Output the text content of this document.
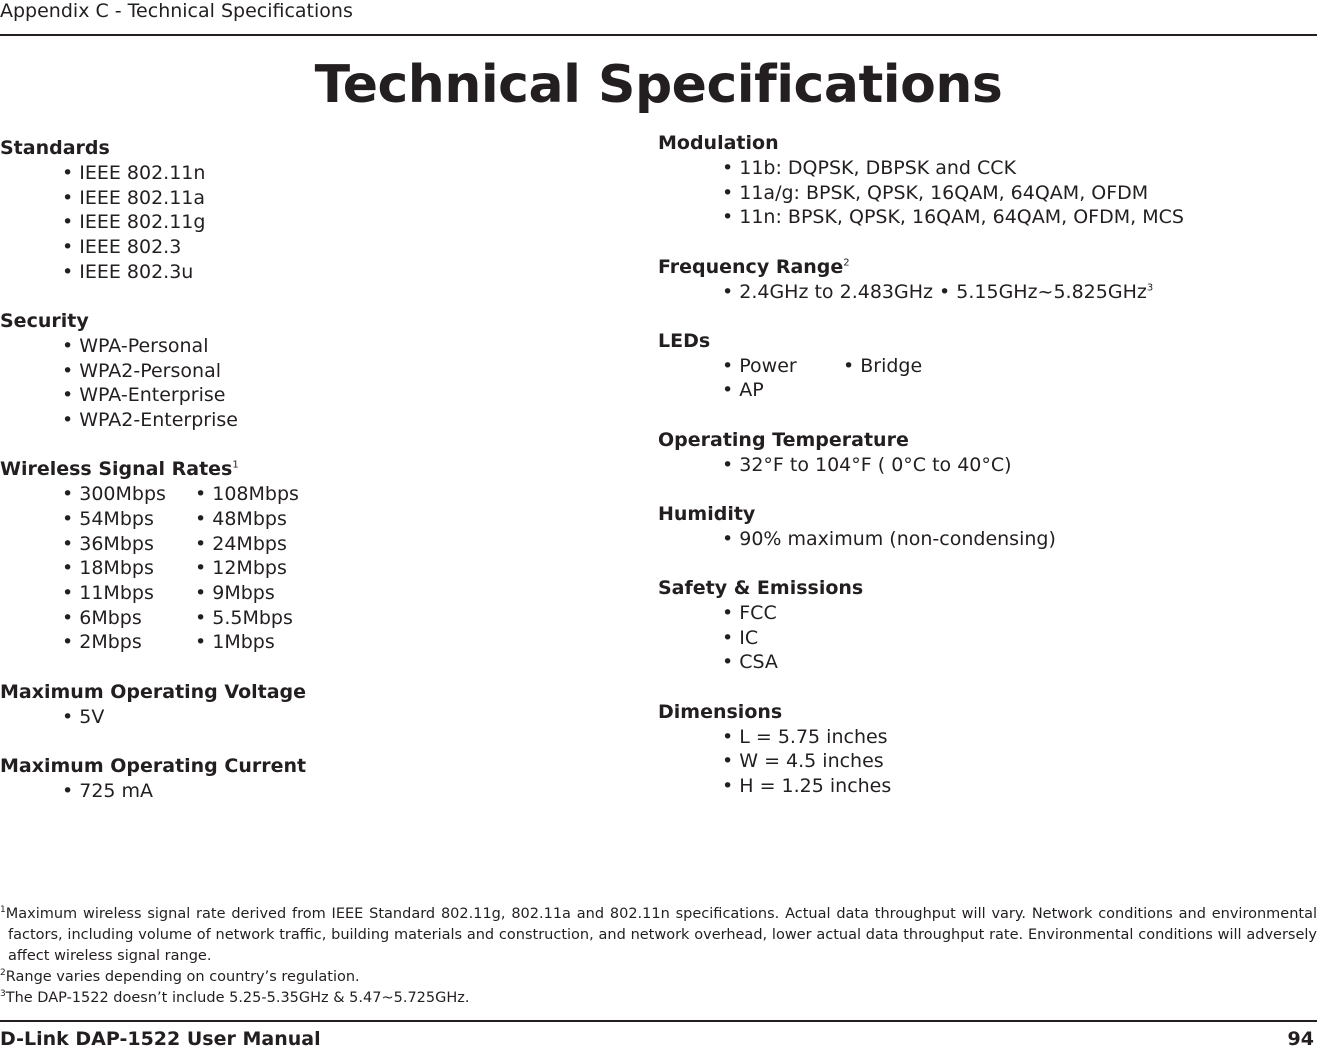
Appendix C - Technical Specifications
Technical Specifications
Standards
• IEEE 802.11n
• IEEE 802.11a
• IEEE 802.11g
• IEEE 802.3
• IEEE 802.3u
Security
• WPA-Personal
• WPA2-Personal
• WPA-Enterprise
• WPA2-Enterprise
Wireless Signal Rates$^1$
• 300Mbps • 108Mbps
• 54Mbps • 48Mbps
• 36Mbps • 24Mbps
• 18Mbps • 12Mbps
• 11Mbps • 9Mbps
• 6Mbps	• 5.5Mbps
• 2Mbps	• 1Mbps
Maximum Operating Voltage
• 5V
Maximum Operating Current
• 725 mA
Modulation
• 11b: DQPSK, DBPSK and CCK
• 11a/g: BPSK, QPSK, 16QAM, 64QAM, OFDM
• 11n: BPSK, QPSK, 16QAM, 64QAM, OFDM, MCS
Frequency Range$^2$
• 2.4GHz to 2.483GHz • 5.15GHz~5.825GHz$^3$
LEDs
• Power • Bridge
• AP
Operating Temperature
• 32°F to 104°F ( 0°C to 40°C)
Humidity
• 90% maximum (non-condensing)
Safety & Emissions
• FCC
• IC
• CSA
Dimensions
• L = 5.75 inches
• W = 4.5 inches
• H = 1.25 inches
$^1$Maximum wireless signal rate derived from IEEE Standard 802.11g, 802.11a and 802.11n specifications. Actual data throughput will vary. Network conditions and environmental factors, including volume of network traffic, building materials and construction, and network overhead, lower actual data throughput rate. Environmental conditions will adversely affect wireless signal range.
$^2$Range varies depending on country’s regulation.
$^3$The DAP-1522 doesn’t include 5.25-5.35GHz & 5.47~5.725GHz.
D-Link DAP-1522 User Manual	94
